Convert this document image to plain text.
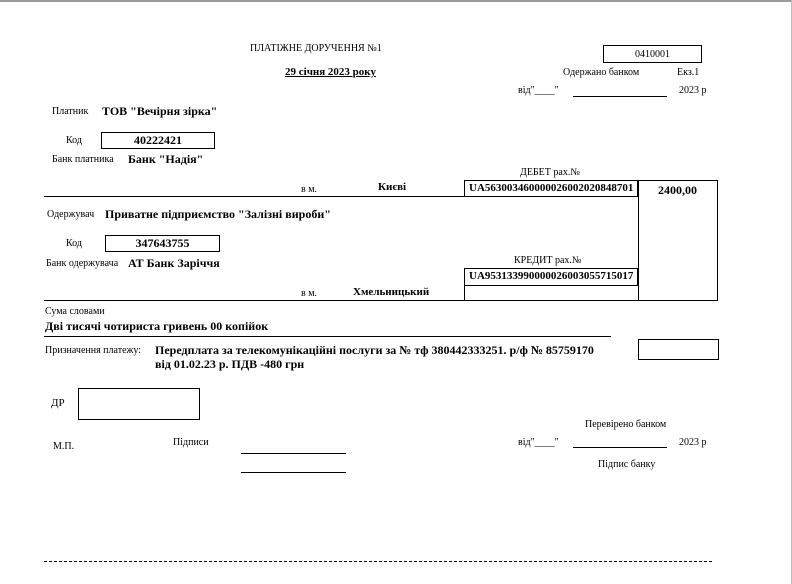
ПЛАТІЖНЕ ДОРУЧЕННЯ №1	0410001
29 січня 2023 року	Одержано банком	Екз.1
від"____"	2023 р
Платник ТОВ "Вечірня зірка"
Код	40222421
Банк платника Банк "Надія"
ДЕБЕТ рах.№
в м.	Києві	UA563003460000026002020848701 2400,00
Одержувач Приватне підприємство "Залізні вироби"
Код	347643755
КРЕДИТ рах.№
Банк одержувача АТ Банк Заріччя
UA953133990000026003055715017
в м.	Хмельницький
Сума словами
Дві тисячі чотириста гривень 00 копійок
Призначення платежу: Передплата за телекомунікаційні послуги за № тф 380442333251. р/ф № 85759170
від 01.02.23 р. ПДВ -480 грн
ДР
Перевірено банком
від"____"	2023 р
М.П.	Підписи
Підпис банку
